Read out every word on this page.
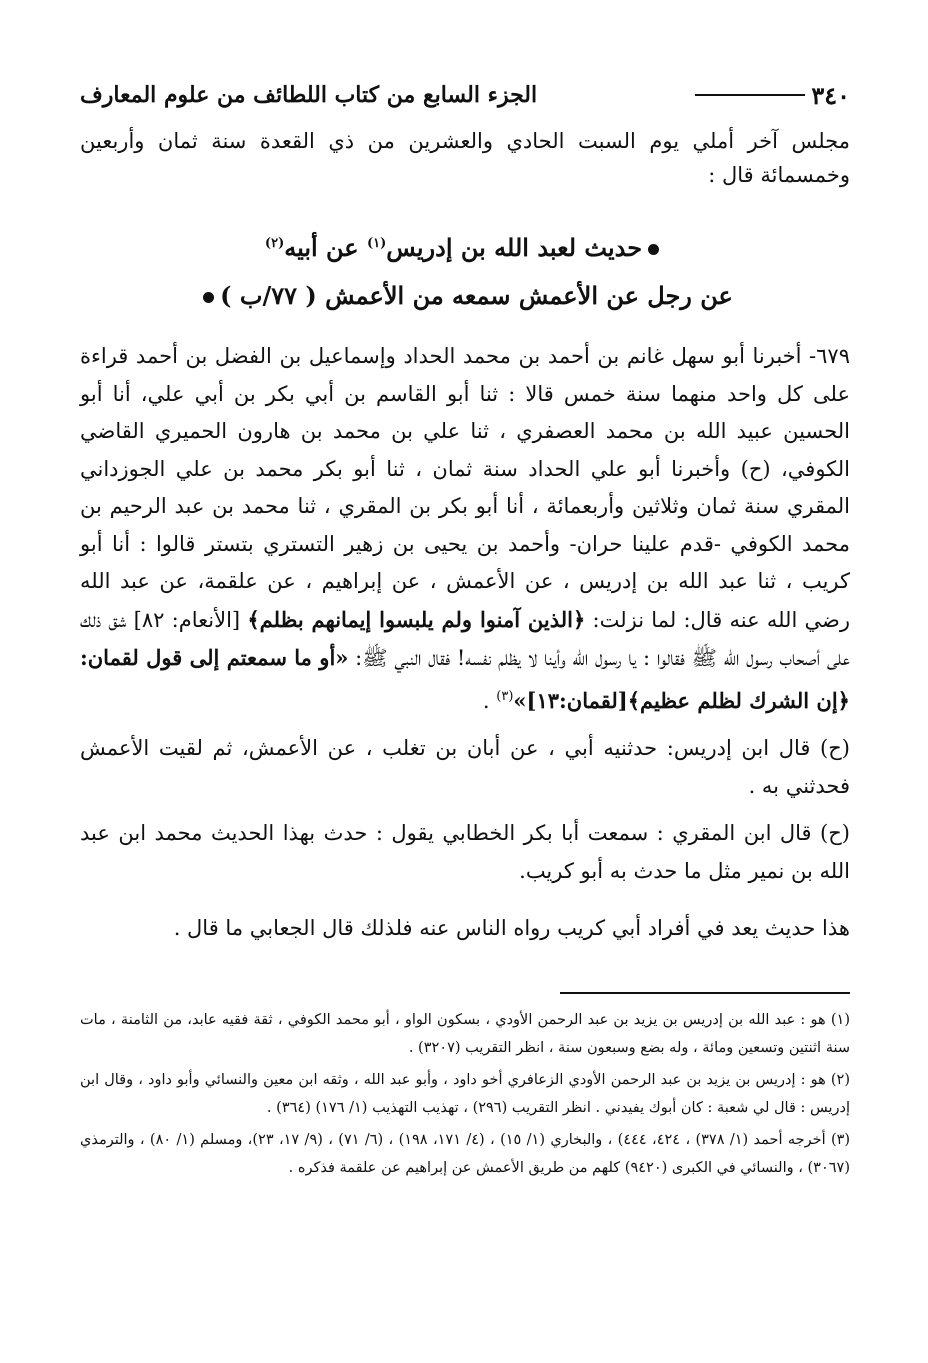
٣٤٠
الجزء السابع من كتاب اللطائف من علوم المعارف
مجلس آخر أملي يوم السبت الحادي والعشرين من ذي القعدة سنة ثمان وأربعين وخمسمائة قال :
حديث لعبد الله بن إدريس$^{(١)}$ عن أبيه$^{(٢)}$
عن رجل عن الأعمش سمعه من الأعمش ( ٧٧/ب )
٦٧٩- أخبرنا أبو سهل غانم بن أحمد بن محمد الحداد وإسماعيل بن الفضل بن أحمد قراءة على كل واحد منهما سنة خمس قالا : ثنا أبو القاسم بن أبي بكر بن أبي علي، أنا أبو الحسين عبيد الله بن محمد العصفري ، ثنا علي بن محمد بن هارون الحميري القاضي الكوفي، (ح) وأخبرنا أبو علي الحداد سنة ثمان ، ثنا أبو بكر محمد بن علي الجوزداني المقري سنة ثمان وثلاثين وأربعمائة ، أنا أبو بكر بن المقري ، ثنا محمد بن عبد الرحيم بن محمد الكوفي -قدم علينا حران- وأحمد بن يحيى بن زهير التستري بتستر قالوا : أنا أبو كريب ، ثنا عبد الله بن إدريس ، عن الأعمش ، عن إبراهيم ، عن علقمة، عن عبد الله رضي الله عنه قال: لما نزلت: ﴿الذين آمنوا ولم يلبسوا إيمانهم بظلم﴾ [الأنعام: ٨٢] شق ذلك على أصحاب رسول الله ﷺ فقالوا : يا رسول الله وأينا لا يظلم نفسه! فقال النبي ﷺ: «أو ما سمعتم إلى قول لقمان: ﴿إن الشرك لظلم عظيم﴾[لقمان:١٣]»$^{(٣)}$ .
(ح) قال ابن إدريس: حدثنيه أبي ، عن أبان بن تغلب ، عن الأعمش، ثم لقيت الأعمش فحدثني به .
(ح) قال ابن المقري : سمعت أبا بكر الخطابي يقول : حدث بهذا الحديث محمد ابن عبد الله بن نمير مثل ما حدث به أبو كريب.
هذا حديث يعد في أفراد أبي كريب رواه الناس عنه فلذلك قال الجعابي ما قال .
(١) هو : عبد الله بن إدريس بن يزيد بن عبد الرحمن الأودي ، بسكون الواو ، أبو محمد الكوفي ، ثقة فقيه عابد، من الثامنة ، مات سنة اثنتين وتسعين ومائة ، وله بضع وسبعون سنة ، انظر التقريب (٣٢٠٧) .
(٢) هو : إدريس بن يزيد بن عبد الرحمن الأودي الزعافري أخو داود ، وأبو عبد الله ، وثقه ابن معين والنسائي وأبو داود ، وقال ابن إدريس : قال لي شعبة : كان أبوك يفيدني . انظر التقريب (٢٩٦) ، تهذيب التهذيب (١/ ١٧٦) (٣٦٤) .
(٣) أخرجه أحمد (١/ ٣٧٨) ، ٤٢٤، ٤٤٤) ، والبخاري (١/ ١٥) ، (٤/ ١٧١، ١٩٨) ، (٦/ ٧١) ، (٩/ ١٧، ٢٣)، ومسلم (١/ ٨٠) ، والترمذي (٣٠٦٧) ، والنسائي في الكبرى (٩٤٢٠) كلهم من طريق الأعمش عن إبراهيم عن علقمة فذكره .
